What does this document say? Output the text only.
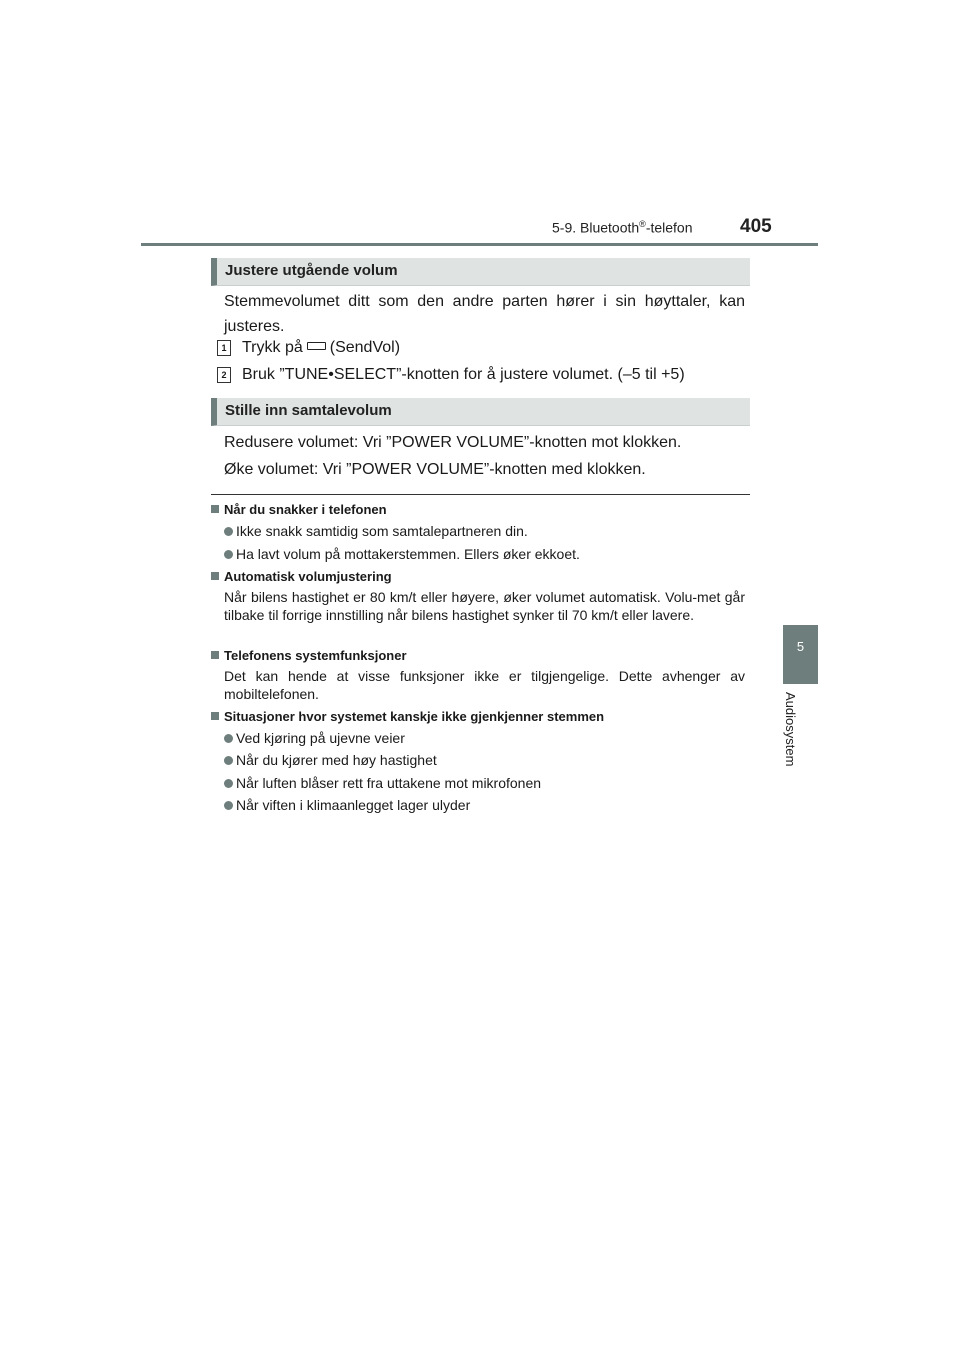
5-9. Bluetooth®-telefon 405
5
Audiosystem
Justere utgående volum
Stemmevolumet ditt som den andre parten hører i sin høyttaler, kan justeres.
1 Trykk på (SendVol)
2 Bruk ”TUNE•SELECT”-knotten for å justere volumet. (–5 til +5)
Stille inn samtalevolum
Redusere volumet: Vri ”POWER VOLUME”-knotten mot klokken.
Øke volumet: Vri ”POWER VOLUME”-knotten med klokken.
Når du snakker i telefonen
Ikke snakk samtidig som samtalepartneren din.
Ha lavt volum på mottakerstemmen. Ellers øker ekkoet.
Automatisk volumjustering
Når bilens hastighet er 80 km/t eller høyere, øker volumet automatisk. Volu-met går tilbake til forrige innstilling når bilens hastighet synker til 70 km/t eller lavere.
Telefonens systemfunksjoner
Det kan hende at visse funksjoner ikke er tilgjengelige. Dette avhenger av mobiltelefonen.
Situasjoner hvor systemet kanskje ikke gjenkjenner stemmen
Ved kjøring på ujevne veier
Når du kjører med høy hastighet
Når luften blåser rett fra uttakene mot mikrofonen
Når viften i klimaanlegget lager ulyder
